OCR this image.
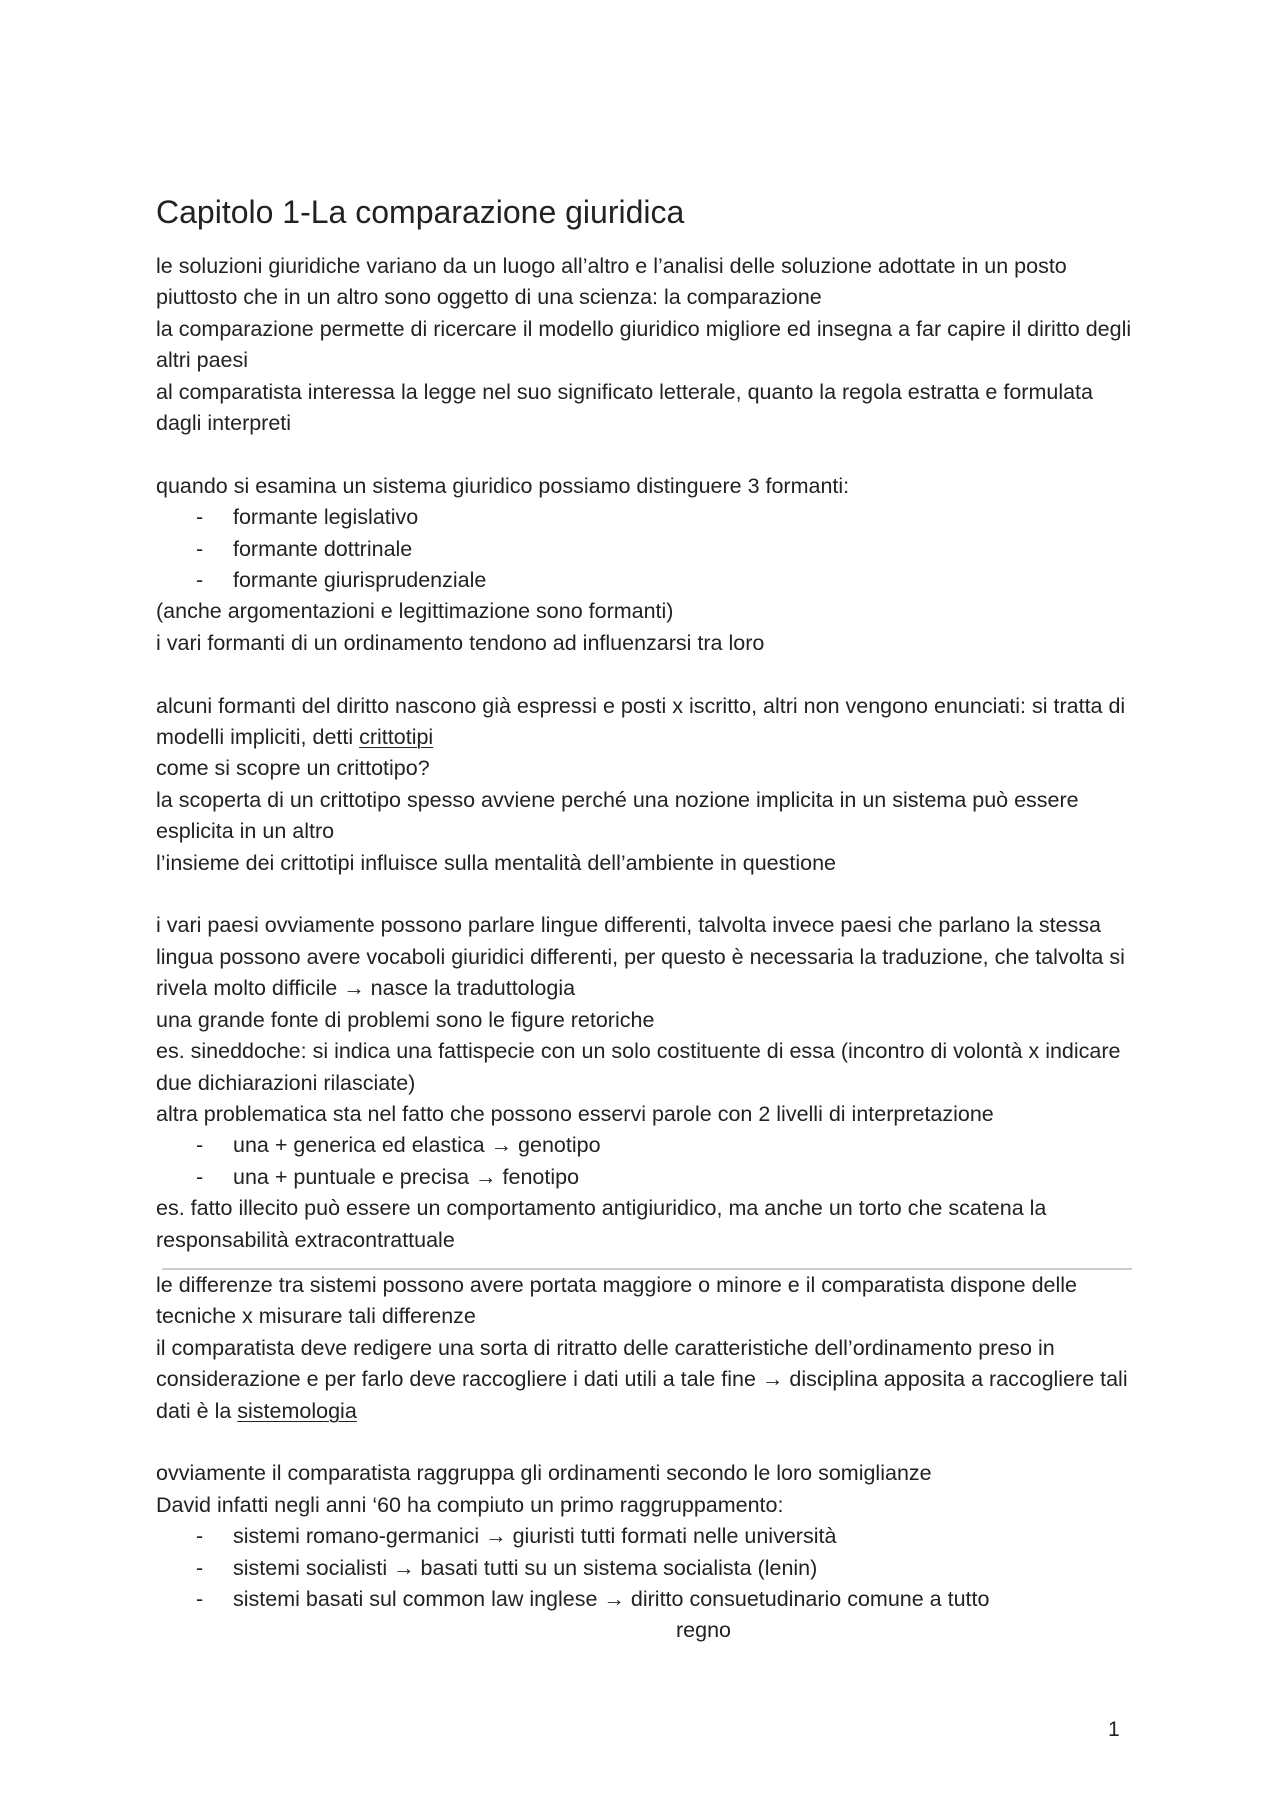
Capitolo 1-La comparazione giuridica

le soluzioni giuridiche variano da un luogo all’altro e l’analisi delle soluzione adottate in un posto piuttosto che in un altro sono oggetto di una scienza: la comparazione

la comparazione permette di ricercare il modello giuridico migliore ed insegna a far capire il diritto degli altri paesi

al comparatista interessa la legge nel suo significato letterale, quanto la regola estratta e formulata dagli interpreti

quando si esamina un sistema giuridico possiamo distinguere 3 formanti:

- formante legislativo
- formante dottrinale
- formante giurisprudenziale

(anche argomentazioni e legittimazione sono formanti)

i vari formanti di un ordinamento tendono ad influenzarsi tra loro

alcuni formanti del diritto nascono già espressi e posti x iscritto, altri non vengono enunciati: si tratta di modelli impliciti, detti crittotipi

come si scopre un crittotipo?

la scoperta di un crittotipo spesso avviene perché una nozione implicita in un sistema può essere esplicita in un altro

l’insieme dei crittotipi influisce sulla mentalità dell’ambiente in questione

i vari paesi ovviamente possono parlare lingue differenti, talvolta invece paesi che parlano la stessa lingua possono avere vocaboli giuridici differenti, per questo è necessaria la traduzione, che talvolta si rivela molto difficile → nasce la traduttologia

una grande fonte di problemi sono le figure retoriche

es. sineddoche: si indica una fattispecie con un solo costituente di essa (incontro di volontà x indicare due dichiarazioni rilasciate)

altra problematica sta nel fatto che possono esservi parole con 2 livelli di interpretazione

- una + generica ed elastica → genotipo
- una + puntuale e precisa → fenotipo

es. fatto illecito può essere un comportamento antigiuridico, ma anche un torto che scatena la responsabilità extracontrattuale

le differenze tra sistemi possono avere portata maggiore o minore e il comparatista dispone delle tecniche x misurare tali differenze

il comparatista deve redigere una sorta di ritratto delle caratteristiche dell’ordinamento preso in considerazione e per farlo deve raccogliere i dati utili a tale fine → disciplina apposita a raccogliere tali dati è la sistemologia

ovviamente il comparatista raggruppa gli ordinamenti secondo le loro somiglianze

David infatti negli anni ‘60 ha compiuto un primo raggruppamento:

- sistemi romano-germanici → giuristi tutti formati nelle università
- sistemi socialisti → basati tutti su un sistema socialista (lenin)
- sistemi basati sul common law inglese → diritto consuetudinario comune a tutto
regno
1
